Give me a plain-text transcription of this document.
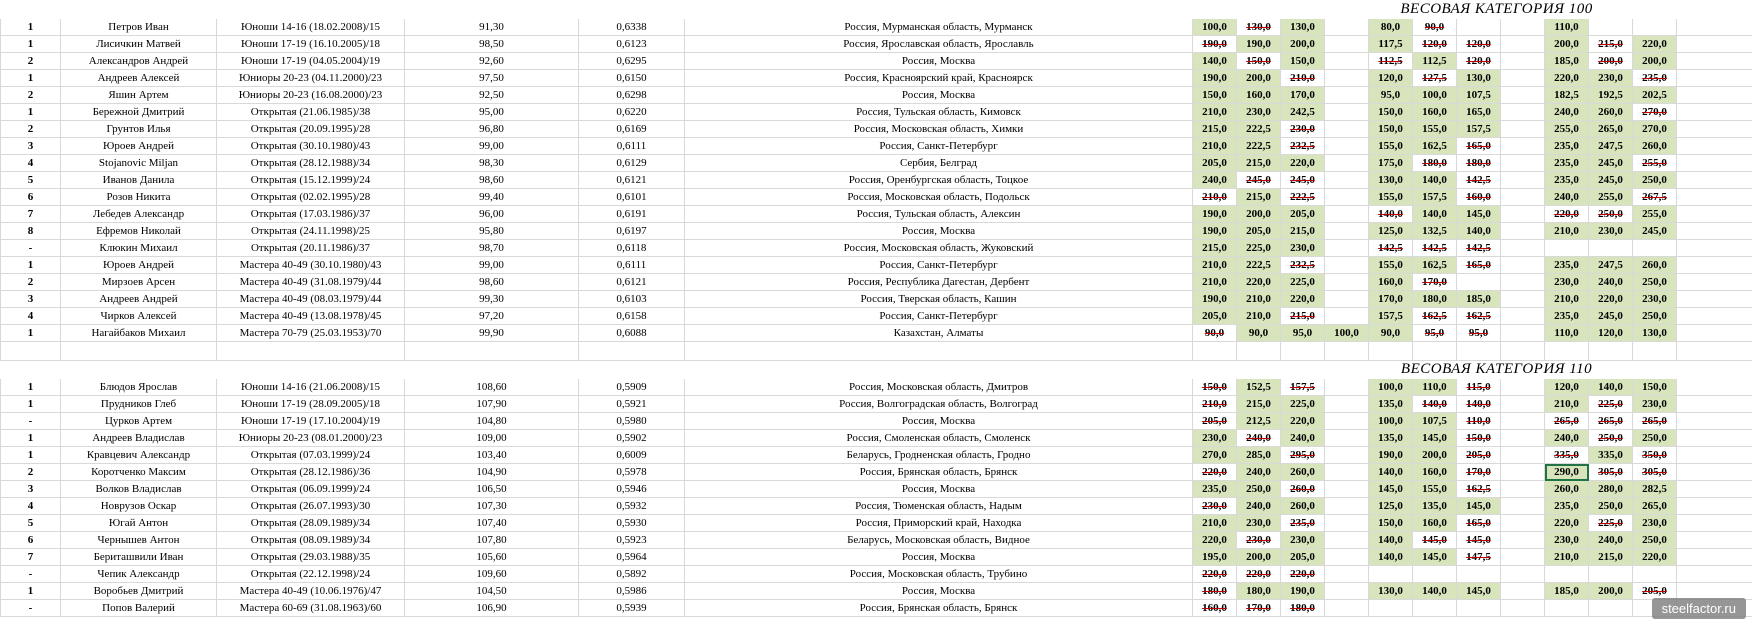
						ВЕСОВАЯ КАТЕГОРИЯ 100											
1	Петров Иван	Юноши 14-16 (18.02.2008)/15	91,30	0,6338	Россия, Мурманская область, Мурманск	100,0	130,0	130,0		80,0	90,0			110,0			
1	Лисичкин Матвей	Юноши 17-19 (16.10.2005)/18	98,50	0,6123	Россия, Ярославская область, Ярославль	190,0	190,0	200,0		117,5	120,0	120,0		200,0	215,0	220,0	
2	Александров Андрей	Юноши 17-19 (04.05.2004)/19	92,60	0,6295	Россия, Москва	140,0	150,0	150,0		112,5	112,5	120,0		185,0	200,0	200,0	
1	Андреев Алексей	Юниоры 20-23 (04.11.2000)/23	97,50	0,6150	Россия, Красноярский край, Красноярск	190,0	200,0	210,0		120,0	127,5	130,0		220,0	230,0	235,0	
2	Яшин Артем	Юниоры 20-23 (16.08.2000)/23	92,50	0,6298	Россия, Москва	150,0	160,0	170,0		95,0	100,0	107,5		182,5	192,5	202,5	
1	Бережной Дмитрий	Открытая (21.06.1985)/38	95,00	0,6220	Россия, Тульская область, Кимовск	210,0	230,0	242,5		150,0	160,0	165,0		240,0	260,0	270,0	
2	Грунтов Илья	Открытая (20.09.1995)/28	96,80	0,6169	Россия, Московская область, Химки	215,0	222,5	230,0		150,0	155,0	157,5		255,0	265,0	270,0	
3	Юроев Андрей	Открытая (30.10.1980)/43	99,00	0,6111	Россия, Санкт-Петербург	210,0	222,5	232,5		155,0	162,5	165,0		235,0	247,5	260,0	
4	Stojanovic Miljan	Открытая (28.12.1988)/34	98,30	0,6129	Сербия, Белград	205,0	215,0	220,0		175,0	180,0	180,0		235,0	245,0	255,0	
5	Иванов Данила	Открытая (15.12.1999)/24	98,60	0,6121	Россия, Оренбургская область, Тоцкое	240,0	245,0	245,0		130,0	140,0	142,5		235,0	245,0	250,0	
6	Розов Никита	Открытая (02.02.1995)/28	99,40	0,6101	Россия, Московская область, Подольск	210,0	215,0	222,5		155,0	157,5	160,0		240,0	255,0	267,5	
7	Лебедев Александр	Открытая (17.03.1986)/37	96,00	0,6191	Россия, Тульская область, Алексин	190,0	200,0	205,0		140,0	140,0	145,0		220,0	250,0	255,0	
8	Ефремов Николай	Открытая (24.11.1998)/25	95,80	0,6197	Россия, Москва	190,0	205,0	215,0		125,0	132,5	140,0		210,0	230,0	245,0	
-	Клюкин Михаил	Открытая (20.11.1986)/37	98,70	0,6118	Россия, Московская область, Жуковский	215,0	225,0	230,0		142,5	142,5	142,5					
1	Юроев Андрей	Мастера 40-49 (30.10.1980)/43	99,00	0,6111	Россия, Санкт-Петербург	210,0	222,5	232,5		155,0	162,5	165,0		235,0	247,5	260,0	
2	Мирзоев Арсен	Мастера 40-49 (31.08.1979)/44	98,60	0,6121	Россия, Республика Дагестан, Дербент	210,0	220,0	225,0		160,0	170,0			230,0	240,0	250,0	
3	Андреев Андрей	Мастера 40-49 (08.03.1979)/44	99,30	0,6103	Россия, Тверская область, Кашин	190,0	210,0	220,0		170,0	180,0	185,0		210,0	220,0	230,0	
4	Чирков Алексей	Мастера 40-49 (13.08.1978)/45	97,20	0,6158	Россия, Санкт-Петербург	205,0	210,0	215,0		157,5	162,5	162,5		235,0	245,0	250,0	
1	Нагайбаков Михаил	Мастера 70-79 (25.03.1953)/70	99,90	0,6088	Казахстан, Алматы	90,0	90,0	95,0	100,0	90,0	95,0	95,0		110,0	120,0	130,0	

						ВЕСОВАЯ КАТЕГОРИЯ 110											
1	Блюдов Ярослав	Юноши 14-16 (21.06.2008)/15	108,60	0,5909	Россия, Московская область, Дмитров	150,0	152,5	157,5		100,0	110,0	115,0		120,0	140,0	150,0	
1	Прудников Глеб	Юноши 17-19 (28.09.2005)/18	107,90	0,5921	Россия, Волгоградская область, Волгоград	210,0	215,0	225,0		135,0	140,0	140,0		210,0	225,0	230,0	
-	Цурков Артем	Юноши 17-19 (17.10.2004)/19	104,80	0,5980	Россия, Москва	205,0	212,5	220,0		100,0	107,5	110,0		265,0	265,0	265,0	
1	Андреев Владислав	Юниоры 20-23 (08.01.2000)/23	109,00	0,5902	Россия, Смоленская область, Смоленск	230,0	240,0	240,0		135,0	145,0	150,0		240,0	250,0	250,0	
1	Кравцевич Александр	Открытая (07.03.1999)/24	103,40	0,6009	Беларусь, Гродненская область, Гродно	270,0	285,0	295,0		190,0	200,0	205,0		335,0	335,0	350,0	
2	Коротченко Максим	Открытая (28.12.1986)/36	104,90	0,5978	Россия, Брянская область, Брянск	220,0	240,0	260,0		140,0	160,0	170,0		290,0	305,0	305,0	
3	Волков Владислав	Открытая (06.09.1999)/24	106,50	0,5946	Россия, Москва	235,0	250,0	260,0		145,0	155,0	162,5		260,0	280,0	282,5	
4	Новрузов Оскар	Открытая (26.07.1993)/30	107,30	0,5932	Россия, Тюменская область, Надым	230,0	240,0	260,0		125,0	135,0	145,0		235,0	250,0	265,0	
5	Югай Антон	Открытая (28.09.1989)/34	107,40	0,5930	Россия, Приморский край, Находка	210,0	230,0	235,0		150,0	160,0	165,0		220,0	225,0	230,0	
6	Чернышев Антон	Открытая (08.09.1989)/34	107,80	0,5923	Беларусь, Московская область, Видное	220,0	230,0	230,0		140,0	145,0	145,0		230,0	240,0	250,0	
7	Бериташвили Иван	Открытая (29.03.1988)/35	105,60	0,5964	Россия, Москва	195,0	200,0	205,0		140,0	145,0	147,5		210,0	215,0	220,0	
-	Чепик Александр	Открытая (22.12.1998)/24	109,60	0,5892	Россия, Московская область, Трубино	220,0	220,0	220,0									
1	Воробьев Дмитрий	Мастера 40-49 (10.06.1976)/47	104,50	0,5986	Россия, Москва	180,0	180,0	190,0		130,0	140,0	145,0		185,0	200,0	205,0	
-	Попов Валерий	Мастера 60-69 (31.08.1963)/60	106,90	0,5939	Россия, Брянская область, Брянск	160,0	170,0	180,0										steelfactor.ru
